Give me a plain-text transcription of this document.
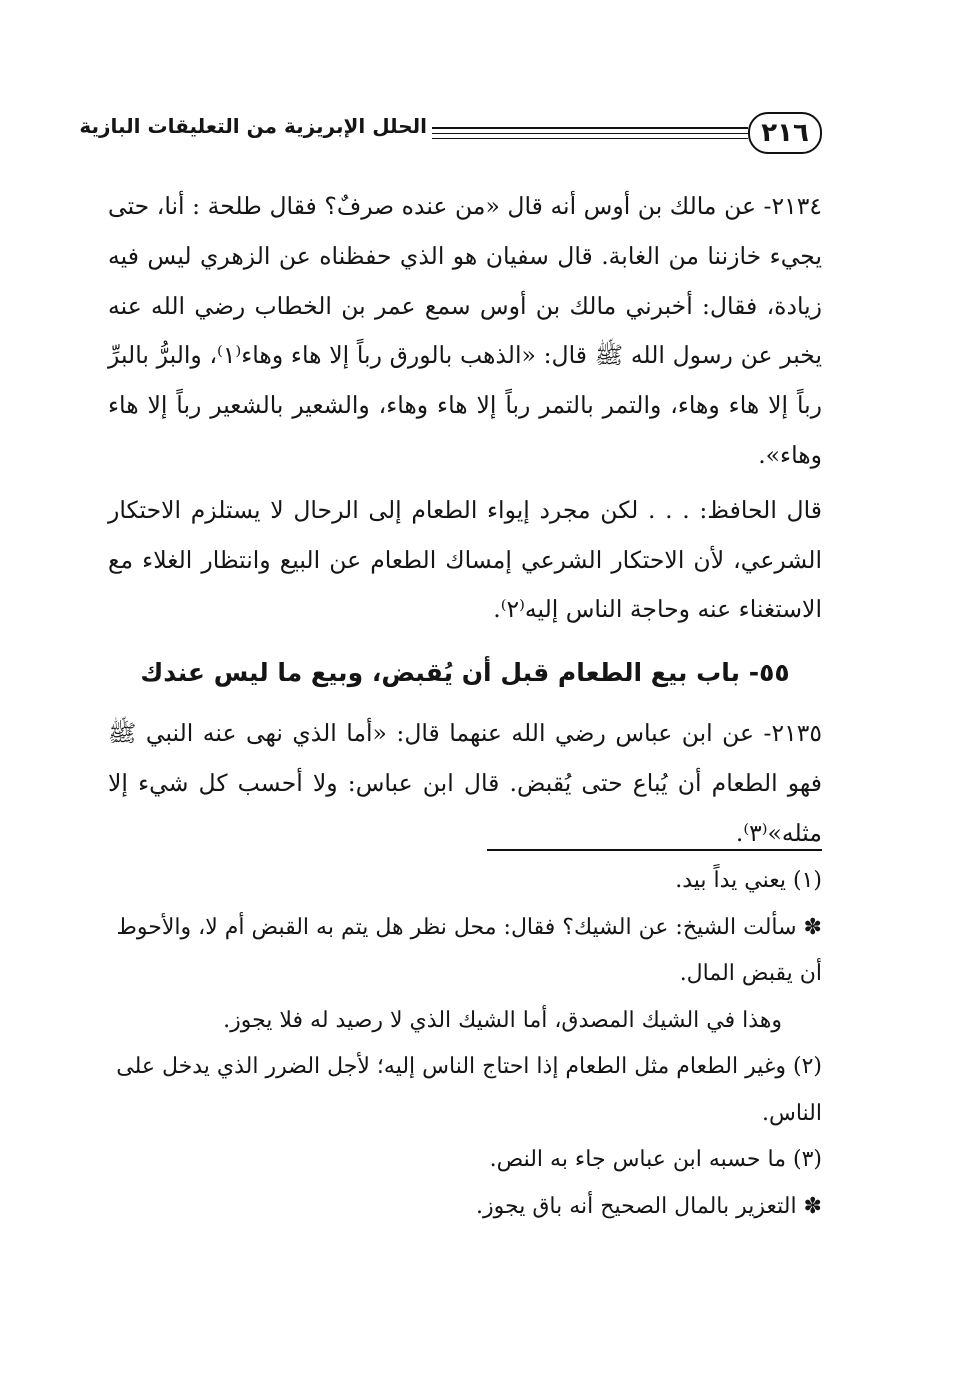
٢١٦
الحلل الإبريزية من التعليقات البازية

٢١٣٤- عن مالك بن أوس أنه قال «من عنده صرفٌ؟ فقال طلحة : أنا، حتى يجيء خازننا من الغابة. قال سفيان هو الذي حفظناه عن الزهري ليس فيه زيادة، فقال: أخبرني مالك بن أوس سمع عمر بن الخطاب رضي الله عنه يخبر عن رسول الله ﷺ قال: «الذهب بالورق رباً إلا هاء وهاء⁽١⁾، والبرُّ بالبرِّ رباً إلا هاء وهاء، والتمر بالتمر رباً إلا هاء وهاء، والشعير بالشعير رباً إلا هاء وهاء».

قال الحافظ: . . . لكن مجرد إيواء الطعام إلى الرحال لا يستلزم الاحتكار الشرعي، لأن الاحتكار الشرعي إمساك الطعام عن البيع وانتظار الغلاء مع الاستغناء عنه وحاجة الناس إليه⁽٢⁾.

٥٥- باب بيع الطعام قبل أن يُقبض، وبيع ما ليس عندك

٢١٣٥- عن ابن عباس رضي الله عنهما قال: «أما الذي نهى عنه النبي ﷺ فهو الطعام أن يُباع حتى يُقبض. قال ابن عباس: ولا أحسب كل شيء إلا مثله»⁽٣⁾.

(١) يعني يداً بيد.

✽ سألت الشيخ: عن الشيك؟ فقال: محل نظر هل يتم به القبض أم لا، والأحوط أن يقبض المال.

وهذا في الشيك المصدق، أما الشيك الذي لا رصيد له فلا يجوز.

(٢) وغير الطعام مثل الطعام إذا احتاج الناس إليه؛ لأجل الضرر الذي يدخل على الناس.

(٣) ما حسبه ابن عباس جاء به النص.

✽ التعزير بالمال الصحيح أنه باق يجوز.
